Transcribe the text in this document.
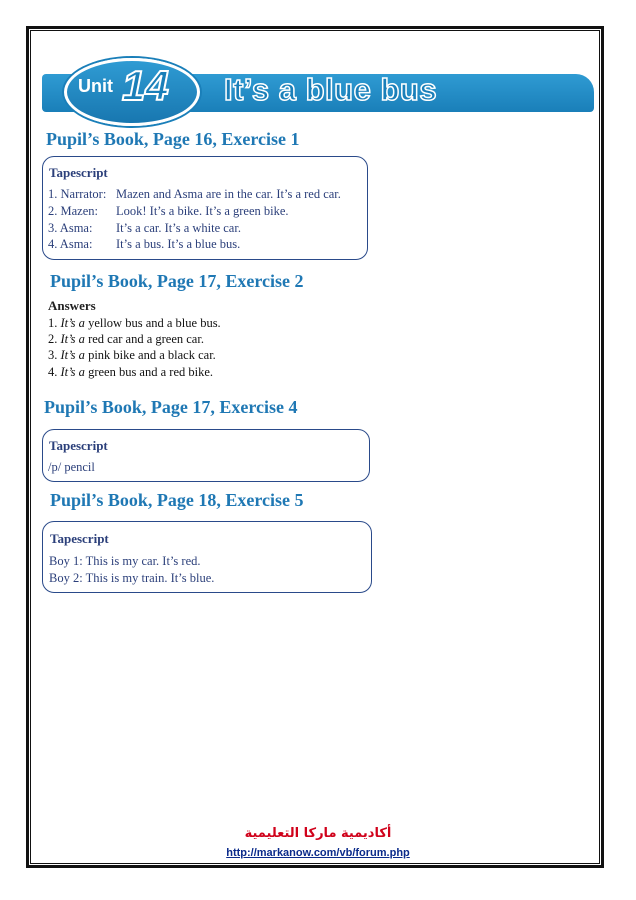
Unit 14 It’s a blue bus
Pupil’s Book, Page 16, Exercise 1
Tapescript
1. Narrator: Mazen and Asma are in the car. It’s a red car.
2. Mazen: Look! It’s a bike. It’s a green bike.
3. Asma: It’s a car. It’s a white car.
4. Asma: It’s a bus. It’s a blue bus.
Pupil’s Book, Page 17, Exercise 2
Answers
1. It’s a yellow bus and a blue bus.
2. It’s a red car and a green car.
3. It’s a pink bike and a black car.
4. It’s a green bus and a red bike.
Pupil’s Book, Page 17, Exercise 4
Tapescript
/p/ pencil
Pupil’s Book, Page 18, Exercise 5
Tapescript
Boy 1: This is my car. It’s red.
Boy 2: This is my train. It’s blue.
أكاديمية ماركا التعليمية
http://markanow.com/vb/forum.php
